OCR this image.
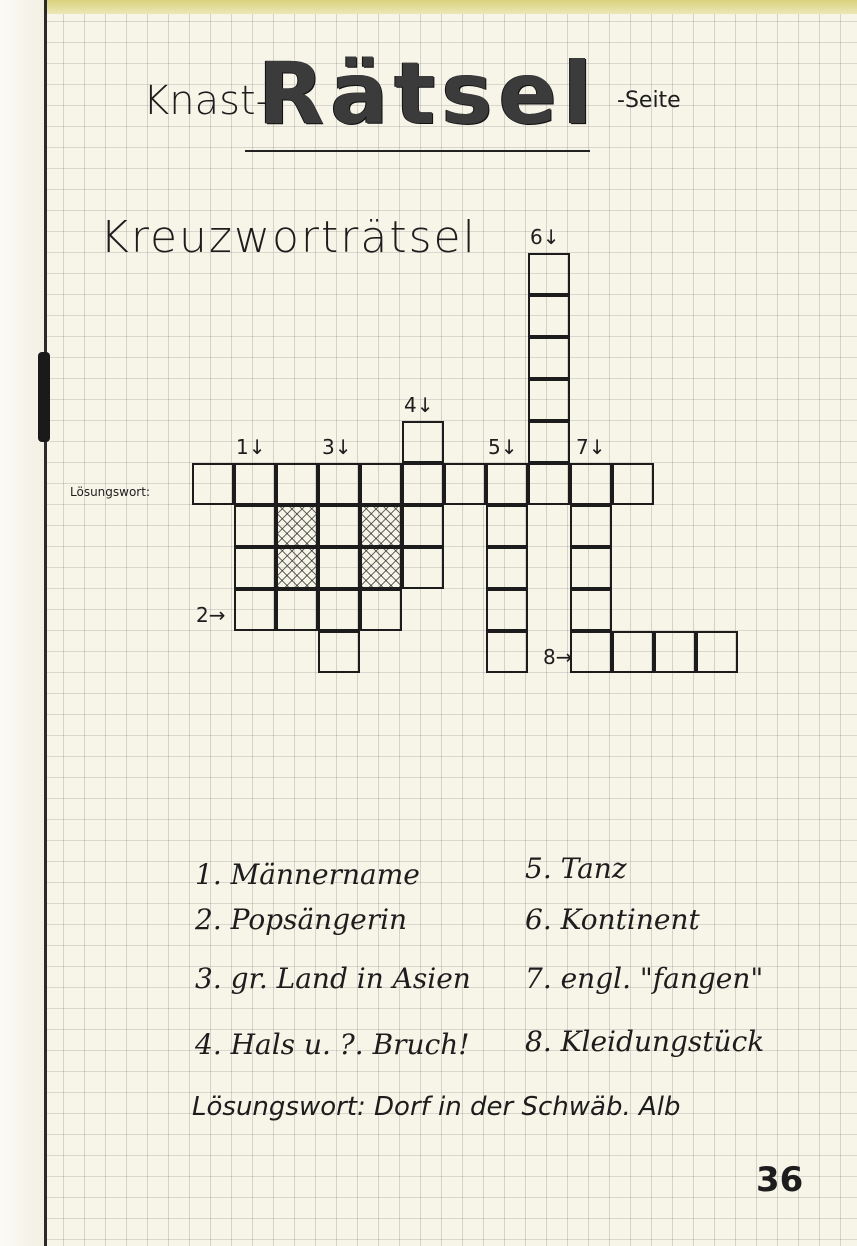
Knast-
Rätsel -Seite
Kreuzworträtsel
1↓
2→
3↓
4↓
5↓
6↓
7↓
8→
Lösungswort:
1. Männername
2. Popsängerin
3. gr. Land in Asien
4. Hals u. ?. Bruch!
5. Tanz
6. Kontinent
7. engl. "fangen"
8. Kleidungstück
Lösungswort: Dorf in der Schwäb. Alb
36
